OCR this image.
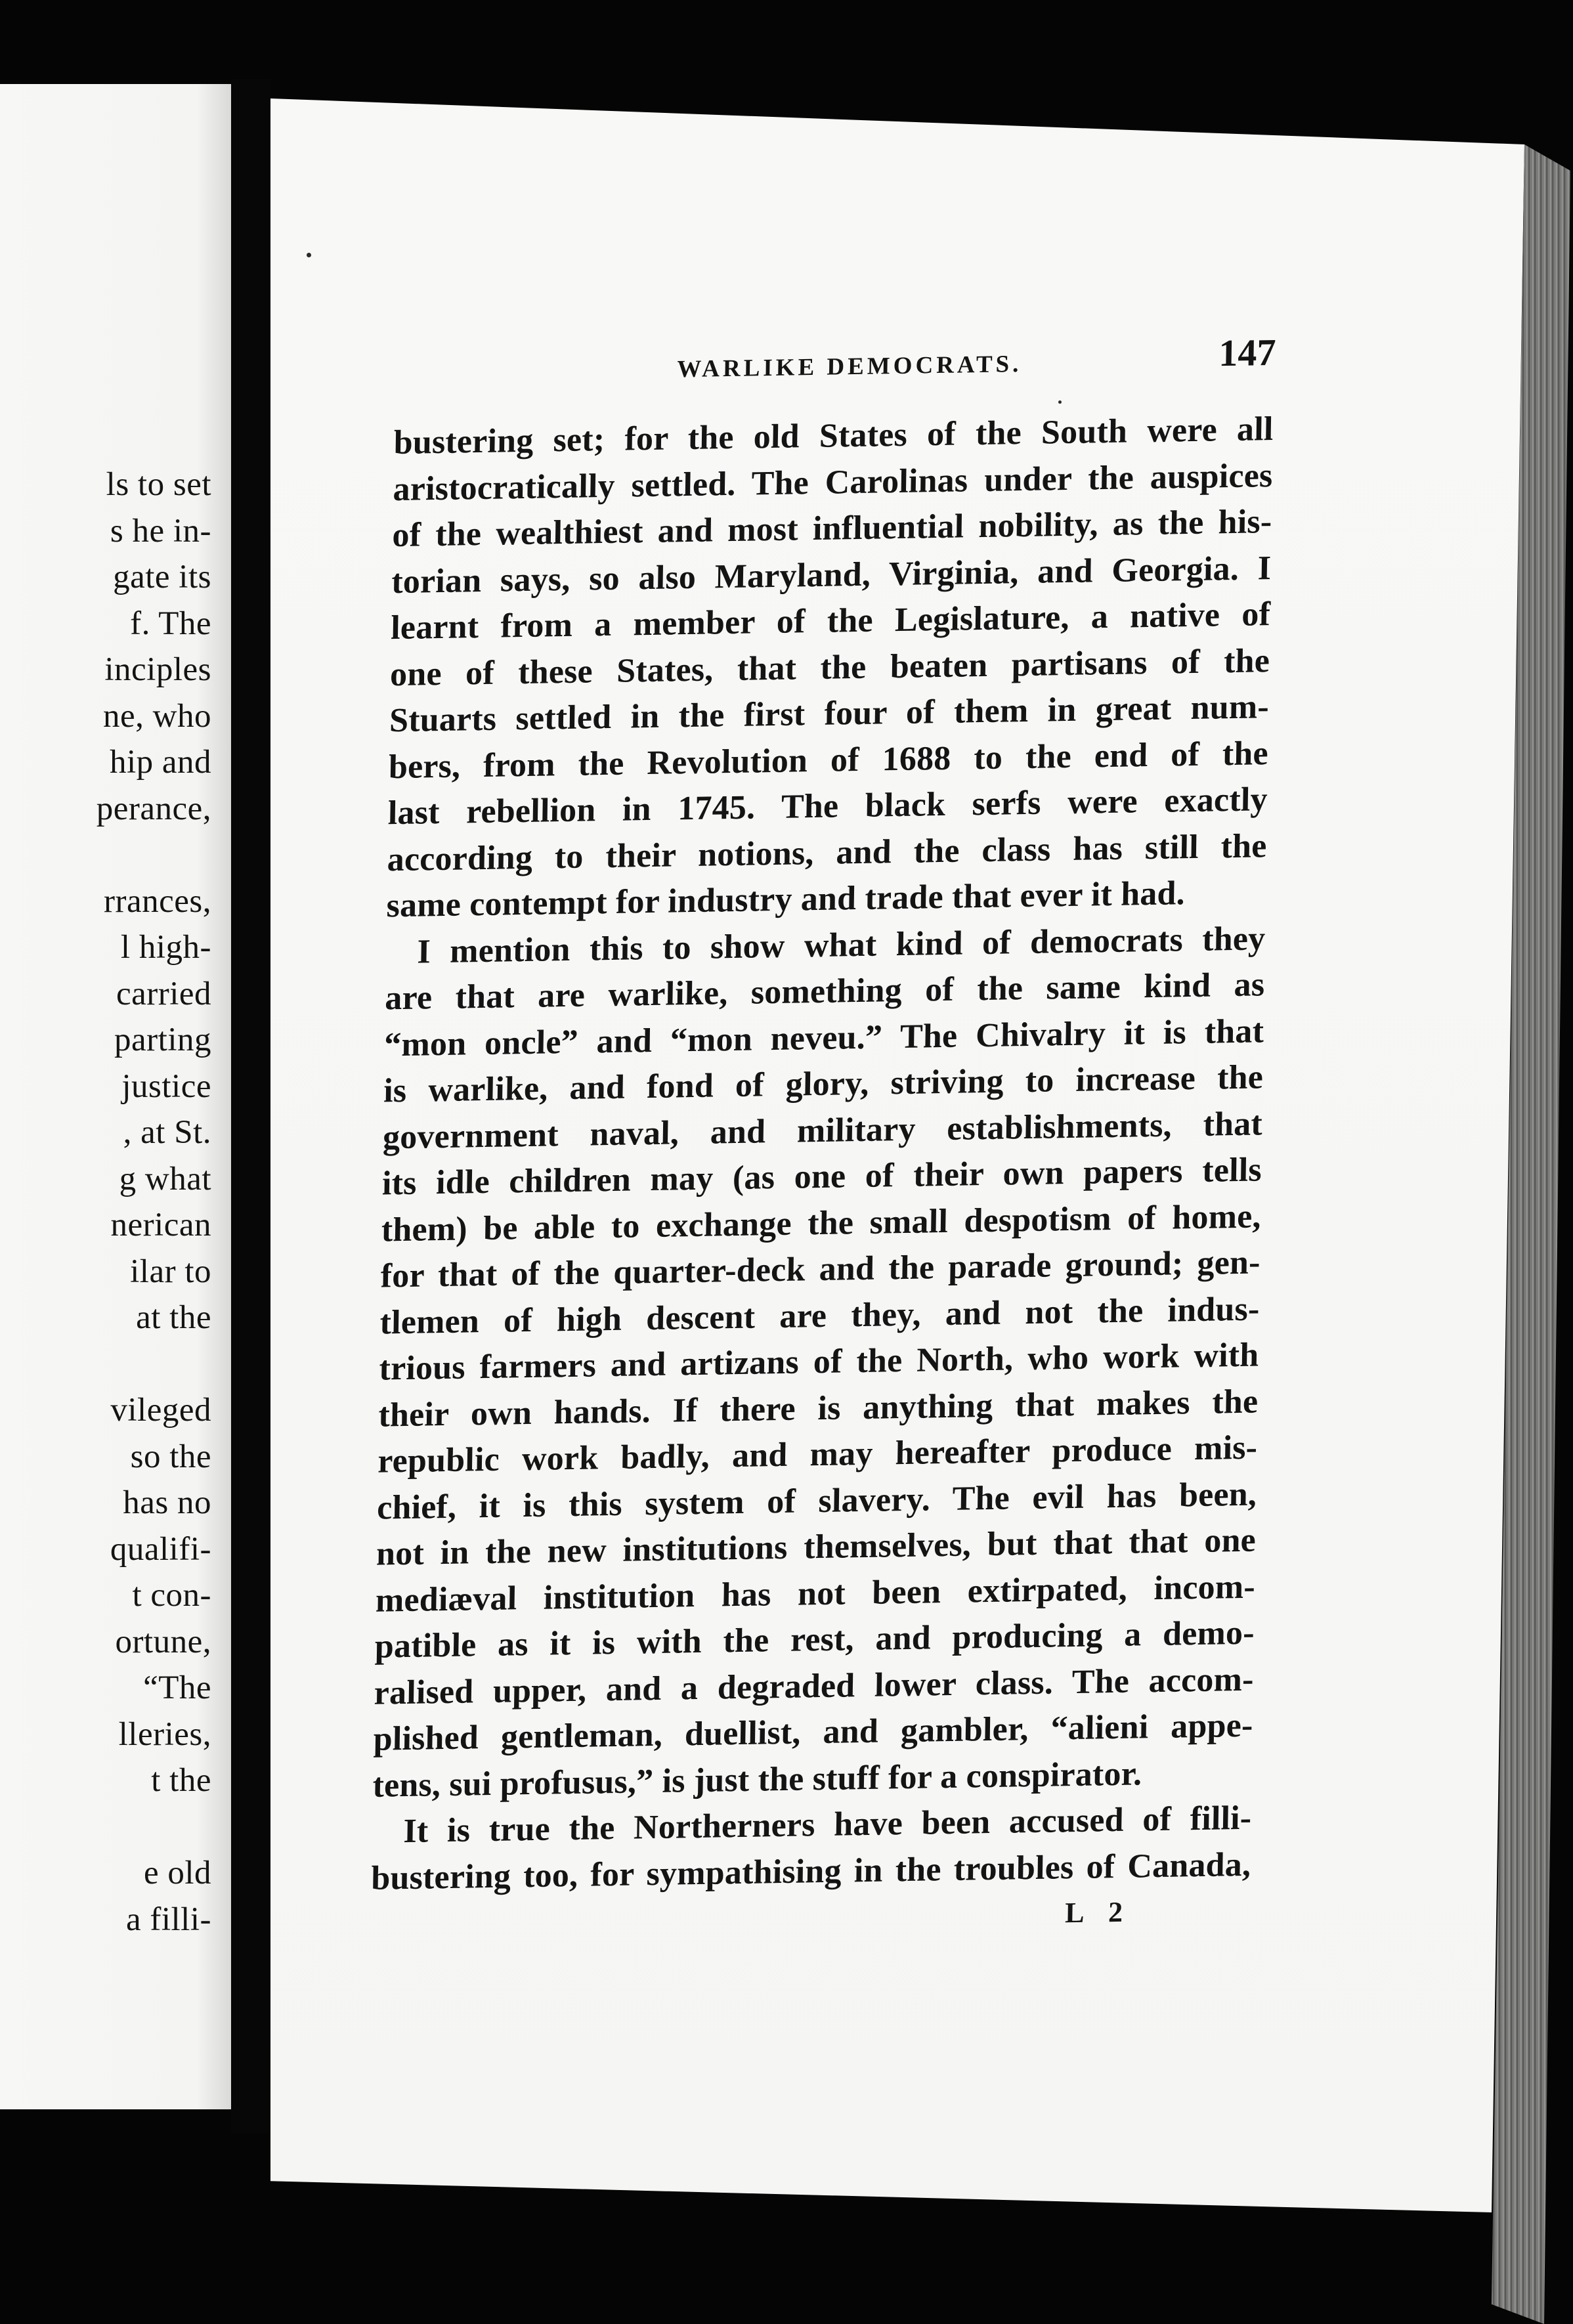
ls to set
s he in-
gate its
f. The
inciples
ne, who
hip and
perance,
rrances,
l high-
carried
parting
justice
, at St.
g what
nerican
ilar to
at the
vileged
so the
has no
qualifi-
t con-
ortune,
“The
lleries,
t the
e old
a filli-
WARLIKE DEMOCRATS.	147
bustering set; for the old States of the South were all
aristocratically settled. The Carolinas under the auspices
of the wealthiest and most influential nobility, as the his-
torian says, so also Maryland, Virginia, and Georgia. I
learnt from a member of the Legislature, a native of
one of these States, that the beaten partisans of the
Stuarts settled in the first four of them in great num-
bers, from the Revolution of 1688 to the end of the
last rebellion in 1745. The black serfs were exactly
according to their notions, and the class has still the
same contempt for industry and trade that ever it had.
I mention this to show what kind of democrats they
are that are warlike, something of the same kind as
“mon oncle” and “mon neveu.” The Chivalry it is that
is warlike, and fond of glory, striving to increase the
government naval, and military establishments, that
its idle children may (as one of their own papers tells
them) be able to exchange the small despotism of home,
for that of the quarter-deck and the parade ground; gen-
tlemen of high descent are they, and not the indus-
trious farmers and artizans of the North, who work with
their own hands. If there is anything that makes the
republic work badly, and may hereafter produce mis-
chief, it is this system of slavery. The evil has been,
not in the new institutions themselves, but that that one
mediæval institution has not been extirpated, incom-
patible as it is with the rest, and producing a demo-
ralised upper, and a degraded lower class. The accom-
plished gentleman, duellist, and gambler, “alieni appe-
tens, sui profusus,” is just the stuff for a conspirator.
It is true the Northerners have been accused of filli-
bustering too, for sympathising in the troubles of Canada,
L 2
